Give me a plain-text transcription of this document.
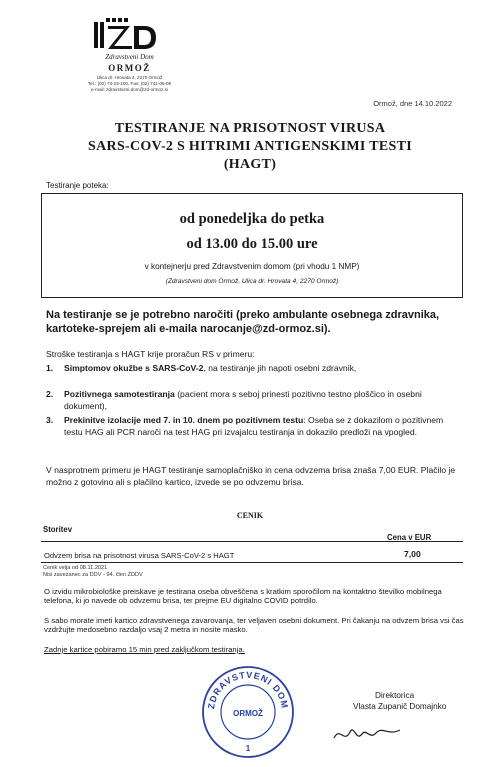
Zdravstveni Dom
ORMOŽ
Ulica dr. Hrovata 4, 2270 Ormož
Tel.: (02) 74-15-100, Fax: (02) 741-05-09
e-mail: zdravstveni.dom@zd-ormoz.si
Ormož, dne 14.10.2022
TESTIRANJE NA PRISOTNOST VIRUSA
SARS-COV-2 S HITRIMI ANTIGENSKIMI TESTI
(HAGT)
Testiranje poteka:
od ponedeljka do petka
od 13.00 do 15.00 ure
v kontejnerju pred Zdravstvenim domom (pri vhodu 1 NMP)
(Zdravstveni dom Ormož, Ulica dr. Hrovata 4, 2270 Ormož)
Na testiranje se je potrebno naročiti (preko ambulante osebnega zdravnika, kartoteke-sprejem ali e-maila narocanje@zd-ormoz.si).
Stroške testiranja s HAGT krije proračun RS v primeru:
1. Simptomov okužbe s SARS-CoV-2, na testiranje jih napoti osebni zdravnik,
2. Pozitivnega samotestiranja (pacient mora s seboj prinesti pozitivno testno ploščico in osebni dokument),
3. Prekinitve izolacije med 7. in 10. dnem po pozitivnem testu: Oseba se z dokazilom o pozitivnem testu HAG ali PCR naroči na test HAG pri izvajalcu testiranja in dokazilo predloži na vpogled.
V nasprotnem primeru je HAGT testiranje samoplačniško in cena odvzema brisa znaša 7,00 EUR. Plačilo je možno z gotovino ali s plačilno kartico, izvede se po odvzemu brisa.
CENIK
Storitev
Cena v EUR
Odvzem brisa na prisotnost virusa SARS-CoV-2 s HAGT	7,00
Cenik velja od 08.11.2021
Nisi zavezanec za DDV - 94. člen ZDDV
O izvidu mikrobiološke preiskave je testirana oseba obveščena s kratkim sporočilom na kontaktno številko mobilnega telefona, ki jo navede ob odvzemu brisa, ter prejme EU digitalno COVID potrdilo.
S sabo morate imeti kartico zdravstvenega zavarovanja, ter veljaven osebni dokument. Pri čakanju na odvzem brisa vsi čas vzdržujte medosebno razdaljo vsaj 2 metra in nosite masko.
Zadnje kartice pobiramo 15 min pred zaključkom testiranja.
ZDRAVSTVENI DOM
ORMOŽ
1
Direktorica
Vlasta Zupanič Domajnko
